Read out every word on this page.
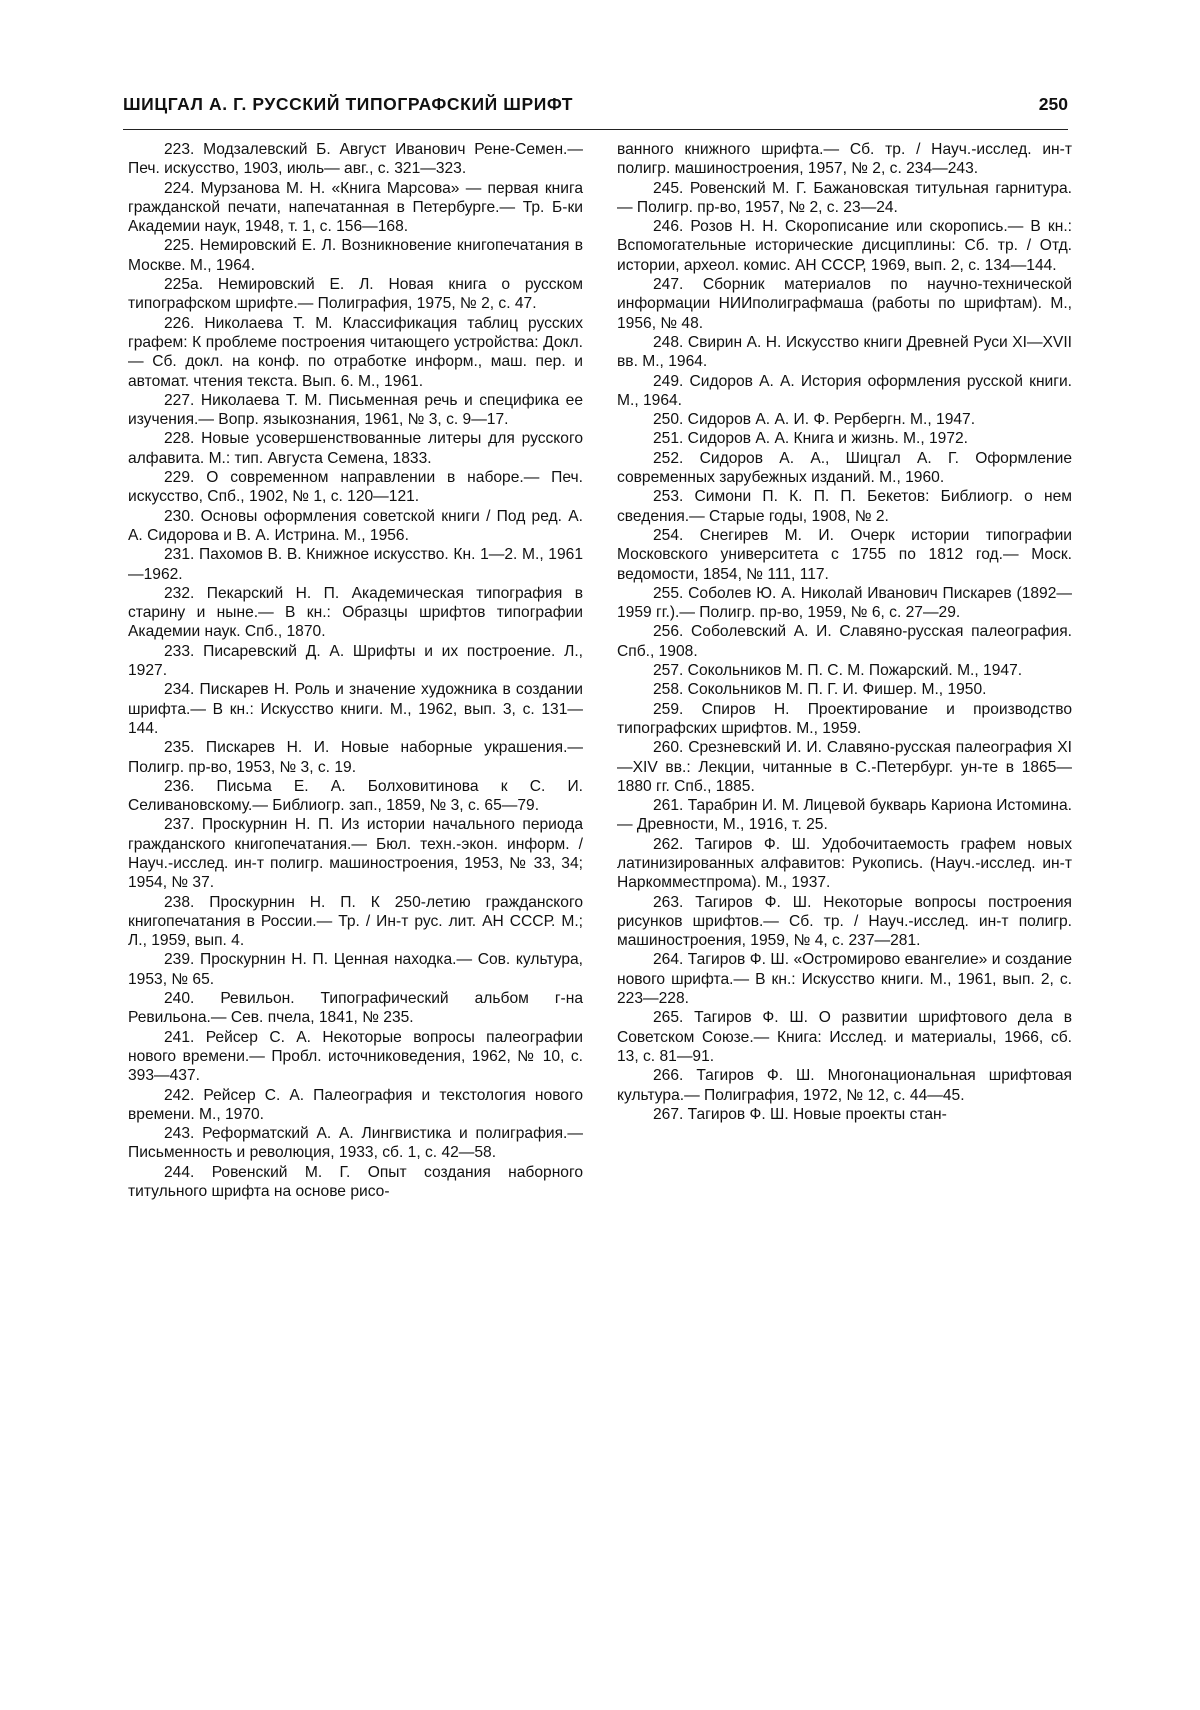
ШИЦГАЛ А. Г. РУССКИЙ ТИПОГРАФСКИЙ ШРИФТ	250

223. Модзалевский Б. Август Иванович Рене-Семен.— Печ. искусство, 1903, июль— авг., с. 321—323.

224. Мурзанова М. Н. «Книга Марсова» — первая книга гражданской печати, напечатанная в Петербурге.— Тр. Б-ки Академии наук, 1948, т. 1, с. 156—168.

225. Немировский Е. Л. Возникновение книгопечатания в Москве. М., 1964.

225а. Немировский Е. Л. Новая книга о русском типографском шрифте.— Полиграфия, 1975, № 2, с. 47.

226. Николаева Т. М. Классификация таблиц русских графем: К проблеме построения читающего устройства: Докл.— Сб. докл. на конф. по отработке информ., маш. пер. и автомат. чтения текста. Вып. 6. М., 1961.

227. Николаева Т. М. Письменная речь и специфика ее изучения.— Вопр. языкознания, 1961, № 3, с. 9—17.

228. Новые усовершенствованные литеры для русского алфавита. М.: тип. Августа Семена, 1833.

229. О современном направлении в наборе.— Печ. искусство, Спб., 1902, № 1, с. 120—121.

230. Основы оформления советской книги / Под ред. А. А. Сидорова и В. А. Истрина. М., 1956.

231. Пахомов В. В. Книжное искусство. Кн. 1—2. М., 1961—1962.

232. Пекарский Н. П. Академическая типография в старину и ныне.— В кн.: Образцы шрифтов типографии Академии наук. Спб., 1870.

233. Писаревский Д. А. Шрифты и их построение. Л., 1927.

234. Пискарев Н. Роль и значение художника в создании шрифта.— В кн.: Искусство книги. М., 1962, вып. 3, с. 131—144.

235. Пискарев Н. И. Новые наборные украшения.— Полигр. пр-во, 1953, № 3, с. 19.

236. Письма Е. А. Болховитинова к С. И. Селивановскому.— Библиогр. зап., 1859, № 3, с. 65—79.

237. Проскурнин Н. П. Из истории начального периода гражданского книгопечатания.— Бюл. техн.-экон. информ. / Науч.-исслед. ин-т полигр. машиностроения, 1953, № 33, 34; 1954, № 37.

238. Проскурнин Н. П. К 250-летию гражданского книгопечатания в России.— Тр. / Ин-т рус. лит. АН СССР. М.; Л., 1959, вып. 4.

239. Проскурнин Н. П. Ценная находка.— Сов. культура, 1953, № 65.

240. Ревильон. Типографический альбом г-на Ревильона.— Сев. пчела, 1841, № 235.

241. Рейсер С. А. Некоторые вопросы палеографии нового времени.— Пробл. источниковедения, 1962, № 10, с. 393—437.

242. Рейсер С. А. Палеография и текстология нового времени. М., 1970.

243. Реформатский А. А. Лингвистика и полиграфия.— Письменность и революция, 1933, сб. 1, с. 42—58.

244. Ровенский М. Г. Опыт создания наборного титульного шрифта на основе рисо-

ванного книжного шрифта.— Сб. тр. / Науч.-исслед. ин-т полигр. машиностроения, 1957, № 2, с. 234—243.

245. Ровенский М. Г. Бажановская титульная гарнитура.— Полигр. пр-во, 1957, № 2, с. 23—24.

246. Розов Н. Н. Скорописание или скоропись.— В кн.: Вспомогательные исторические дисциплины: Сб. тр. / Отд. истории, археол. комис. АН СССР, 1969, вып. 2, с. 134—144.

247. Сборник материалов по научно-технической информации НИИполиграфмаша (работы по шрифтам). М., 1956, № 48.

248. Свирин А. Н. Искусство книги Древней Руси XI—XVII вв. М., 1964.

249. Сидоров А. А. История оформления русской книги. М., 1964.

250. Сидоров А. А. И. Ф. Рербергн. М., 1947.

251. Сидоров А. А. Книга и жизнь. М., 1972.

252. Сидоров А. А., Шицгал А. Г. Оформление современных зарубежных изданий. М., 1960.

253. Симони П. К. П. П. Бекетов: Библиогр. о нем сведения.— Старые годы, 1908, № 2.

254. Снегирев М. И. Очерк истории типографии Московского университета с 1755 по 1812 год.— Моск. ведомости, 1854, № 111, 117.

255. Соболев Ю. А. Николай Иванович Пискарев (1892—1959 гг.).— Полигр. пр-во, 1959, № 6, с. 27—29.

256. Соболевский А. И. Славяно-русская палеография. Спб., 1908.

257. Сокольников М. П. С. М. Пожарский. М., 1947.

258. Сокольников М. П. Г. И. Фишер. М., 1950.

259. Спиров Н. Проектирование и производство типографских шрифтов. М., 1959.

260. Срезневский И. И. Славяно-русская палеография XI—XIV вв.: Лекции, читанные в С.-Петербург. ун-те в 1865—1880 гг. Спб., 1885.

261. Тарабрин И. М. Лицевой букварь Кариона Истомина.— Древности, М., 1916, т. 25.

262. Тагиров Ф. Ш. Удобочитаемость графем новых латинизированных алфавитов: Рукопись. (Науч.-исслед. ин-т Наркомместпрома). М., 1937.

263. Тагиров Ф. Ш. Некоторые вопросы построения рисунков шрифтов.— Сб. тр. / Науч.-исслед. ин-т полигр. машиностроения, 1959, № 4, с. 237—281.

264. Тагиров Ф. Ш. «Остромирово евангелие» и создание нового шрифта.— В кн.: Искусство книги. М., 1961, вып. 2, с. 223—228.

265. Тагиров Ф. Ш. О развитии шрифтового дела в Советском Союзе.— Книга: Исслед. и материалы, 1966, сб. 13, с. 81—91.

266. Тагиров Ф. Ш. Многонациональная шрифтовая культура.— Полиграфия, 1972, № 12, с. 44—45.

267. Тагиров Ф. Ш. Новые проекты стан-
